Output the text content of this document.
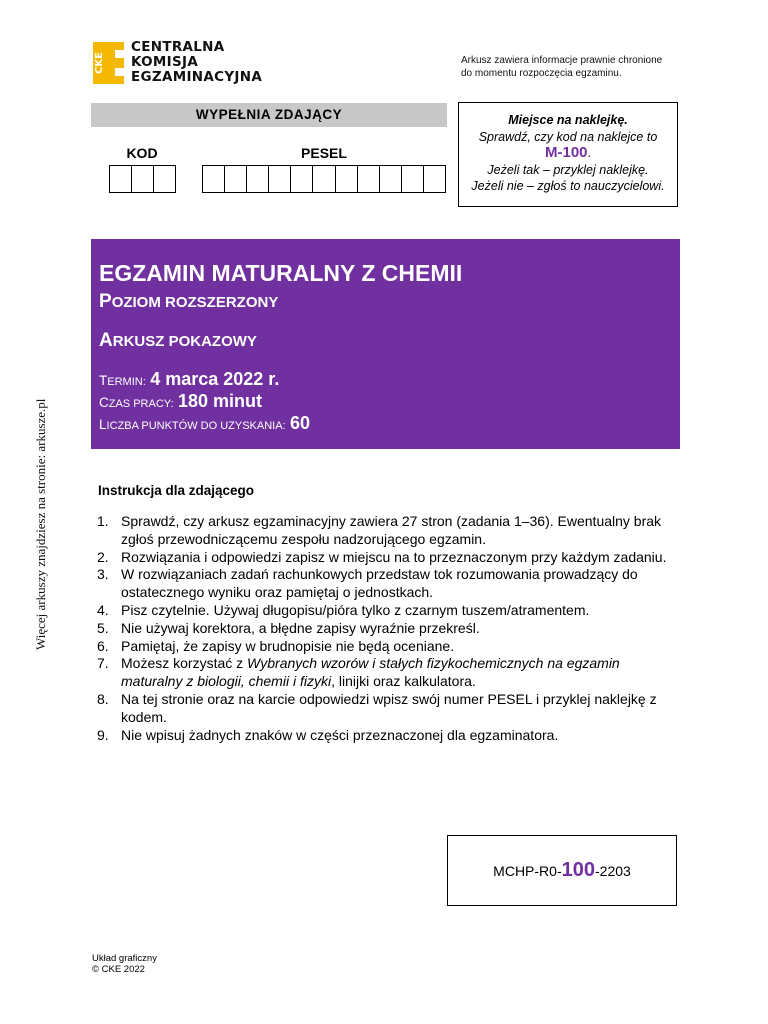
CKE
CENTRALNA
KOMISJA
EGZAMINACYJNA
Arkusz zawiera informacje prawnie chronione
do momentu rozpoczęcia egzaminu.
WYPEŁNIA ZDAJĄCY
KOD	PESEL
Miejsce na naklejkę.
Sprawdź, czy kod na naklejce to
M-100.
Jeżeli tak – przyklej naklejkę.
Jeżeli nie – zgłoś to nauczycielowi.
EGZAMIN MATURALNY Z CHEMII
POZIOM ROZSZERZONY
ARKUSZ POKAZOWY
TERMIN: 4 marca 2022 r.
CZAS PRACY: 180 minut
LICZBA PUNKTÓW DO UZYSKANIA: 60
Instrukcja dla zdającego
1. Sprawdź, czy arkusz egzaminacyjny zawiera 27 stron (zadania 1–36). Ewentualny brak zgłoś przewodniczącemu zespołu nadzorującego egzamin.
2. Rozwiązania i odpowiedzi zapisz w miejscu na to przeznaczonym przy każdym zadaniu.
3. W rozwiązaniach zadań rachunkowych przedstaw tok rozumowania prowadzący do ostatecznego wyniku oraz pamiętaj o jednostkach.
4. Pisz czytelnie. Używaj długopisu/pióra tylko z czarnym tuszem/atramentem.
5. Nie używaj korektora, a błędne zapisy wyraźnie przekreśl.
6. Pamiętaj, że zapisy w brudnopisie nie będą oceniane.
7. Możesz korzystać z Wybranych wzorów i stałych fizykochemicznych na egzamin maturalny z biologii, chemii i fizyki, linijki oraz kalkulatora.
8. Na tej stronie oraz na karcie odpowiedzi wpisz swój numer PESEL i przyklej naklejkę z kodem.
9. Nie wpisuj żadnych znaków w części przeznaczonej dla egzaminatora.
Więcej arkuszy znajdziesz na stronie: arkusze.pl
MCHP-R0-100-2203
Układ graficzny
© CKE 2022
